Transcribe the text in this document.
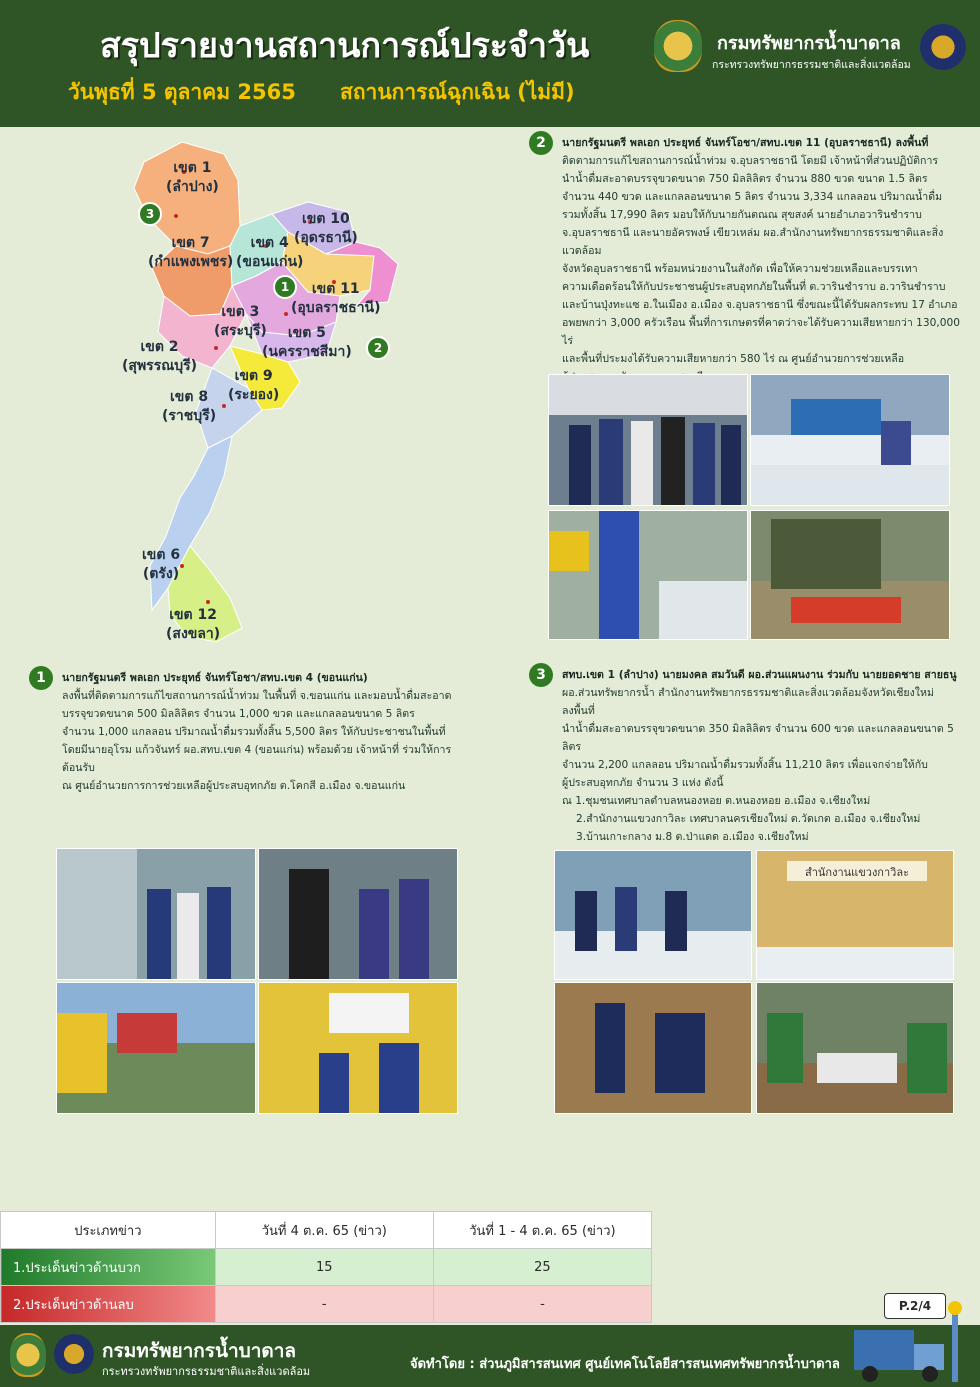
สรุปรายงานสถานการณ์ประจำวัน
วันพุธที่ 5 ตุลาคม 2565 สถานการณ์ฉุกเฉิน (ไม่มี)
กรมทรัพยากรน้ำบาดาล
กระทรวงทรัพยากรธรรมชาติและสิ่งแวดล้อม
เขต 1
(ลำปาง)
เขต 10
(อุดรธานี)
เขต 7
(กำแพงเพชร)
เขต 4
(ขอนแก่น)
เขต 11
(อุบลราชธานี)
เขต 3
(สระบุรี)	เขต 5
(นครราชสีมา)
เขต 2
(สุพรรณบุรี)
เขต 9
(ระยอง)
เขต 8
(ราชบุรี)
เขต 6
(ตรัง)
เขต 12
(สงขลา)
3
1
2
2	นายกรัฐมนตรี พลเอก ประยุทธ์ จันทร์โอชา/สทบ.เขต 11 (อุบลราชธานี) ลงพื้นที่
ติดตามการแก้ไขสถานการณ์น้ำท่วม จ.อุบลราชธานี โดยมี เจ้าหน้าที่ส่วนปฏิบัติการ
นำน้ำดื่มสะอาดบรรจุขวดขนาด 750 มิลลิลิตร จำนวน 880 ขวด ขนาด 1.5 ลิตร
จำนวน 440 ขวด และแกลลอนขนาด 5 ลิตร จำนวน 3,334 แกลลอน ปริมาณน้ำดื่ม
รวมทั้งสิ้น 17,990 ลิตร มอบให้กับนายกันตณณ สุขสงค์ นายอำเภอวารินชำราบ
จ.อุบลราชธานี และนายอัครพงษ์ เขียวเหล่ม ผอ.สำนักงานทรัพยากรธรรมชาติและสิ่งแวดล้อม
จังหวัดอุบลราชธานี พร้อมหน่วยงานในสังกัด เพื่อให้ความช่วยเหลือและบรรเทา
ความเดือดร้อนให้กับประชาชนผู้ประสบอุทกภัยในพื้นที่ ต.วารินชำราบ อ.วารินชำราบ
และบ้านปุ่งทะแซ อ.ในเมือง อ.เมือง จ.อุบลราชธานี ซึ่งขณะนี้ได้รับผลกระทบ 17 อำเภอ
อพยพกว่า 3,000 ครัวเรือน พื้นที่การเกษตรที่คาดว่าจะได้รับความเสียหายกว่า 130,000 ไร่
และพื้นที่ประมงได้รับความเสียหายกว่า 580 ไร่ ณ ศูนย์อำนวยการช่วยเหลือ

1	นายกรัฐมนตรี พลเอก ประยุทธ์ จันทร์โอชา/สทบ.เขต 4 (ขอนแก่น)
ลงพื้นที่ติดตามการแก้ไขสถานการณ์น้ำท่วม ในพื้นที่ จ.ขอนแก่น และมอบน้ำดื่มสะอาด
บรรจุขวดขนาด 500 มิลลิลิตร จำนวน 1,000 ขวด และแกลลอนขนาด 5 ลิตร
จำนวน 1,000 แกลลอน ปริมาณน้ำดื่มรวมทั้งสิ้น 5,500 ลิตร ให้กับประชาชนในพื้นที่
โดยมีนายอุโรม แก้วจันทร์ ผอ.สทบ.เขต 4 (ขอนแก่น) พร้อมด้วย เจ้าหน้าที่ ร่วมให้การต้อนรับ
ณ ศูนย์อำนวยการการช่วยเหลือผู้ประสบอุทกภัย ต.โคกสี อ.เมือง จ.ขอนแก่น
3	สทบ.เขต 1 (ลำปาง) นายมงคล สมวันดี ผอ.ส่วนแผนงาน ร่วมกับ นายยอดชาย สายธนู
ผอ.ส่วนทรัพยากรน้ำ สำนักงานทรัพยากรธรรมชาติและสิ่งแวดล้อมจังหวัดเชียงใหม่ ลงพื้นที่
นำน้ำดื่มสะอาดบรรจุขวดขนาด 350 มิลลิลิตร จำนวน 600 ขวด และแกลลอนขนาด 5 ลิตร
จำนวน 2,200 แกลลอน ปริมาณน้ำดื่มรวมทั้งสิ้น 11,210 ลิตร เพื่อแจกจ่ายให้กับ
ผู้ประสบอุทกภัย จำนวน 3 แห่ง ดังนี้
ณ 1.ชุมชนเทศบาลตำบลหนองหอย ต.หนองหอย อ.เมือง จ.เชียงใหม่
2.สำนักงานแขวงกาวิละ เทศบาลนครเชียงใหม่ ต.วัดเกต อ.เมือง จ.เชียงใหม่
3.บ้านเกาะกลาง ม.8 ต.ป่าแดด อ.เมือง จ.เชียงใหม่
สำนักงานแขวงกาวิละ
ประเภทข่าว	วันที่ 4 ต.ค. 65 (ข่าว)	วันที่ 1 - 4 ต.ค. 65 (ข่าว)
1.ประเด็นข่าวด้านบวก	15	25
2.ประเด็นข่าวด้านลบ	-	-	P.2/4
กรมทรัพยากรน้ำบาดาล
กระทรวงทรัพยากรธรรมชาติและสิ่งแวดล้อม	จัดทำโดย : ส่วนภูมิสารสนเทศ ศูนย์เทคโนโลยีสารสนเทศทรัพยากรน้ำบาดาล
